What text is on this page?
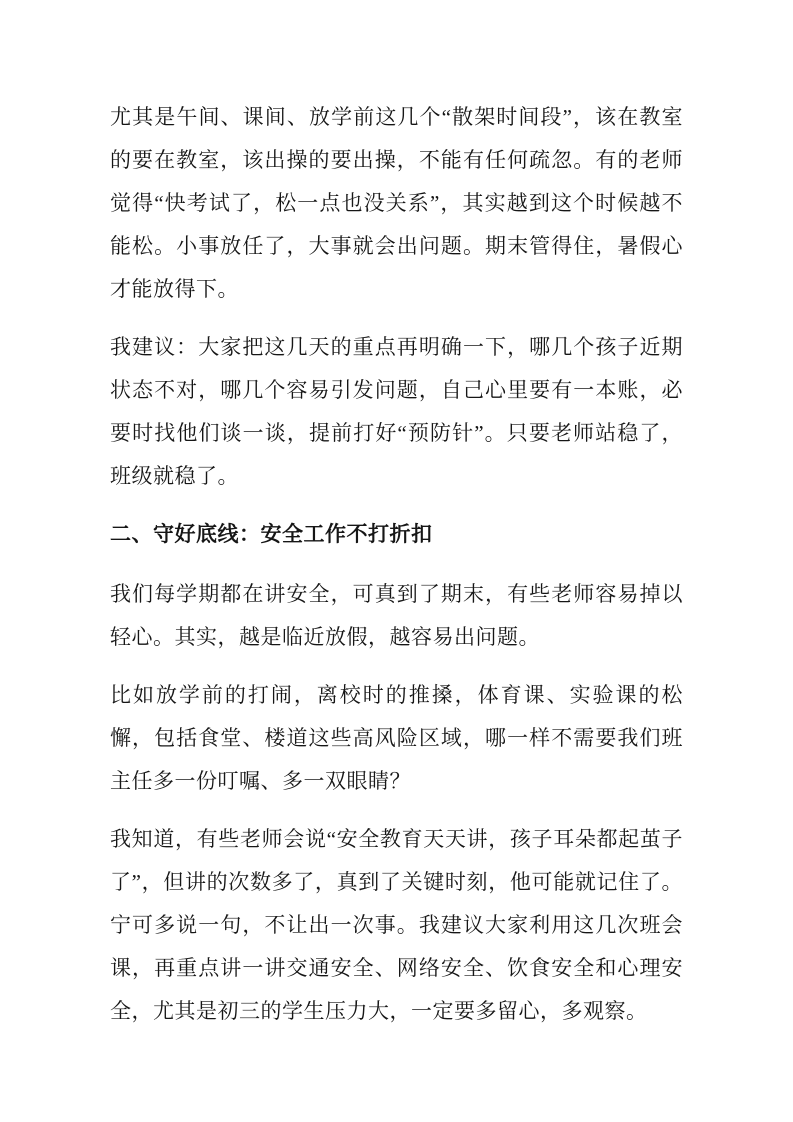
尤其是午间、课间、放学前这几个“散架时间段”，该在教室的要在教室，该出操的要出操，不能有任何疏忽。有的老师觉得“快考试了，松一点也没关系”，其实越到这个时候越不能松。小事放任了，大事就会出问题。期末管得住，暑假心才能放得下。

我建议：大家把这几天的重点再明确一下，哪几个孩子近期状态不对，哪几个容易引发问题，自己心里要有一本账，必要时找他们谈一谈，提前打好“预防针”。只要老师站稳了，班级就稳了。

二、守好底线：安全工作不打折扣

我们每学期都在讲安全，可真到了期末，有些老师容易掉以轻心。其实，越是临近放假，越容易出问题。

比如放学前的打闹，离校时的推搡，体育课、实验课的松懈，包括食堂、楼道这些高风险区域，哪一样不需要我们班主任多一份叮嘱、多一双眼睛？

我知道，有些老师会说“安全教育天天讲，孩子耳朵都起茧子了”，但讲的次数多了，真到了关键时刻，他可能就记住了。宁可多说一句，不让出一次事。我建议大家利用这几次班会课，再重点讲一讲交通安全、网络安全、饮食安全和心理安全，尤其是初三的学生压力大，一定要多留心，多观察。
